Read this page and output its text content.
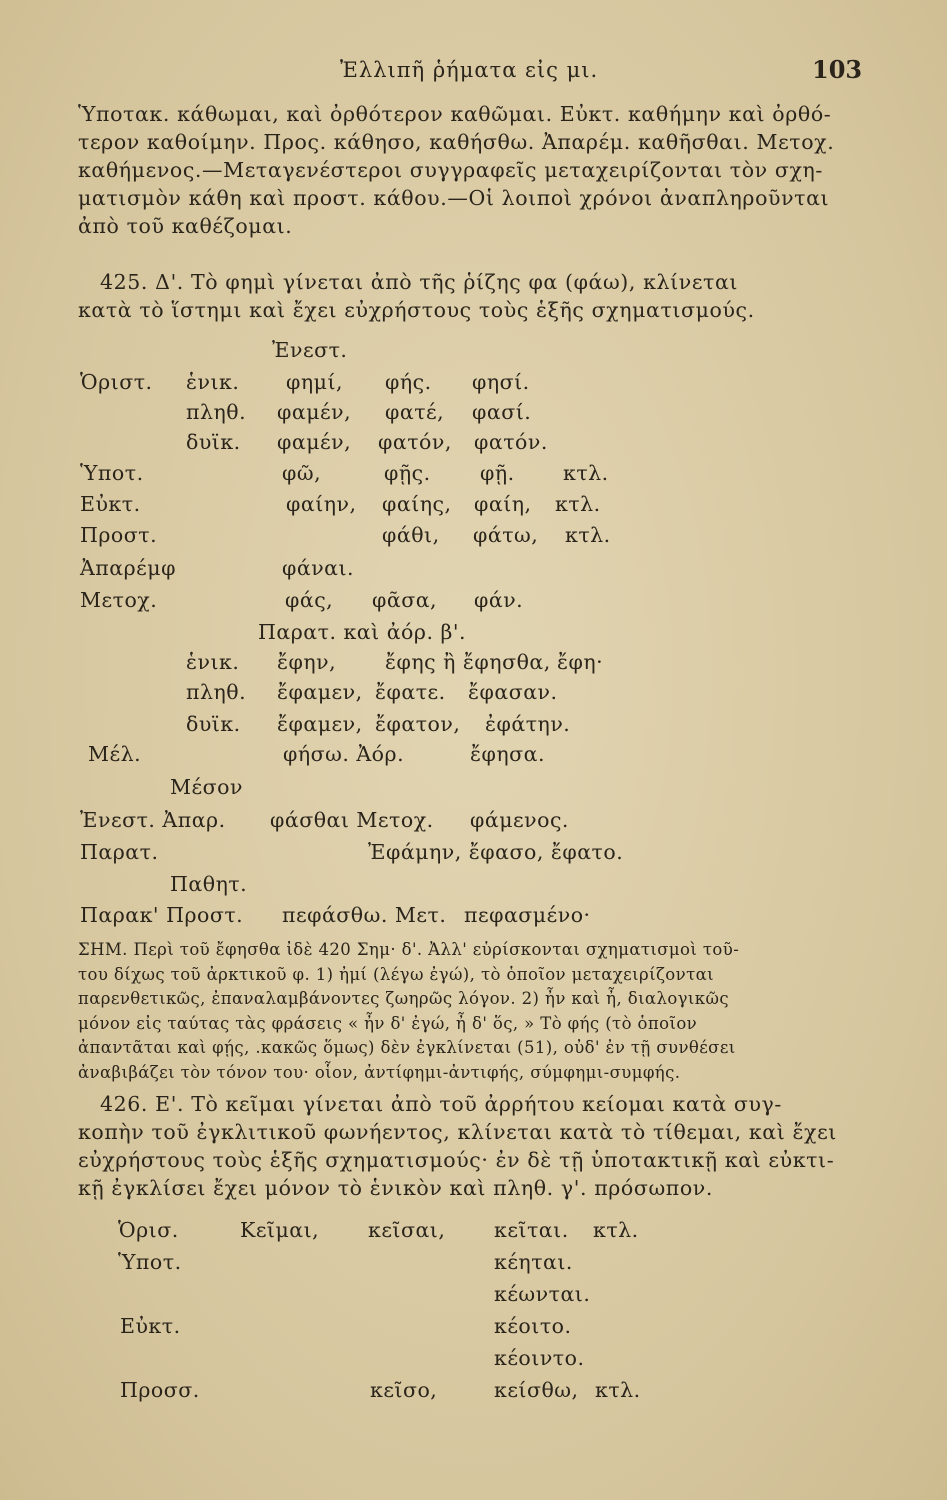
Ἐλλιπῆ ῥήματα εἰς μι.	103
Ὑποτακ. κάθωμαι, καὶ ὀρθότερον καθῶμαι. Εὐκτ. καθήμην καὶ ὀρθό-
τερον καθοίμην. Προς. κάθησο, καθήσθω. Ἀπαρέμ. καθῆσθαι. Μετοχ.
καθήμενος.—Μεταγενέστεροι συγγραφεῖς μεταχειρίζονται τὸν σχη-
ματισμὸν κάθη καὶ προστ. κάθου.—Οἱ λοιποὶ χρόνοι ἀναπληροῦνται
ἀπὸ τοῦ καθέζομαι.
425. Δ'. Τὸ φημὶ γίνεται ἀπὸ τῆς ῥίζης φα (φάω), κλίνεται
κατὰ τὸ ἵστημι καὶ ἔχει εὐχρήστους τοὺς ἑξῆς σχηματισμούς.
Ἐνεστ.
Ὁριστ. ἑνικ. φημί, φής. φησί.
πληθ. φαμέν, φατέ, φασί.
δυϊκ. φαμέν, φατόν, φατόν.
Ὑποτ.	φῶ,	φῇς. φῇ. κτλ.
Εὐκτ.	φαίην, φαίης, φαίη, κτλ.
Προστ.	φάθι, φάτω, κτλ.
Ἀπαρέμφ	φάναι.
Μετοχ.	φάς, φᾶσα, φάν.
Παρατ. καὶ ἀόρ. β'.
ἑνικ. ἔφην, ἔφης ἢ ἔφησθα, ἔφη·
πληθ. ἔφαμεν, ἔφατε. ἔφασαν.
δυϊκ. ἔφαμεν, ἔφατον, ἐφάτην.
Μέλ.	φήσω. Ἀόρ.	ἔφησα.
Μέσον
Ἐνεστ. Ἀπαρ. φάσθαι Μετοχ. φάμενος.
Παρατ.	Ἐφάμην, ἔφασο, ἔφατο.
Παθητ.
Παρακ' Προστ. πεφάσθω. Μετ. πεφασμένο·
ΣΗΜ. Περὶ τοῦ ἔφησθα ἰδὲ 420 Σημ· δ'. Ἀλλ' εὑρίσκονται σχηματισμοὶ τοῦ-
του δίχως τοῦ ἀρκτικοῦ φ. 1) ἠμί (λέγω ἐγώ), τὸ ὁποῖον μεταχειρίζονται
παρενθετικῶς, ἐπαναλαμβάνοντες ζωηρῶς λόγον. 2) ἦν καὶ ἦ, διαλογικῶς
μόνον εἰς ταύτας τὰς φράσεις « ἦν δ' ἐγώ, ἦ δ' ὅς, » Τὸ φής (τὸ ὁποῖον
ἀπαντᾶται καὶ φῄς, .κακῶς ὅμως) δὲν ἐγκλίνεται (51), οὐδ' ἐν τῇ συνθέσει
ἀναβιβάζει τὸν τόνον του· οἷον, ἀντίφημι-ἀντιφής, σύμφημι-συμφής.
426. Ε'. Τὸ κεῖμαι γίνεται ἀπὸ τοῦ ἀρρήτου κείομαι κατὰ συγ-
κοπὴν τοῦ ἐγκλιτικοῦ φωνήεντος, κλίνεται κατὰ τὸ τίθεμαι, καὶ ἔχει
εὐχρήστους τοὺς ἑξῆς σχηματισμούς· ἐν δὲ τῇ ὑποτακτικῇ καὶ εὐκτι-
κῇ ἐγκλίσει ἔχει μόνον τὸ ἑνικὸν καὶ πληθ. γ'. πρόσωπον.
Ὁρισ.	Κεῖμαι, κεῖσαι, κεῖται. κτλ.
Ὑποτ.	κέηται.
κέωνται.
Εὐκτ.	κέοιτο.
κέοιντο.
Προσσ.	κεῖσο,	κείσθω, κτλ.
